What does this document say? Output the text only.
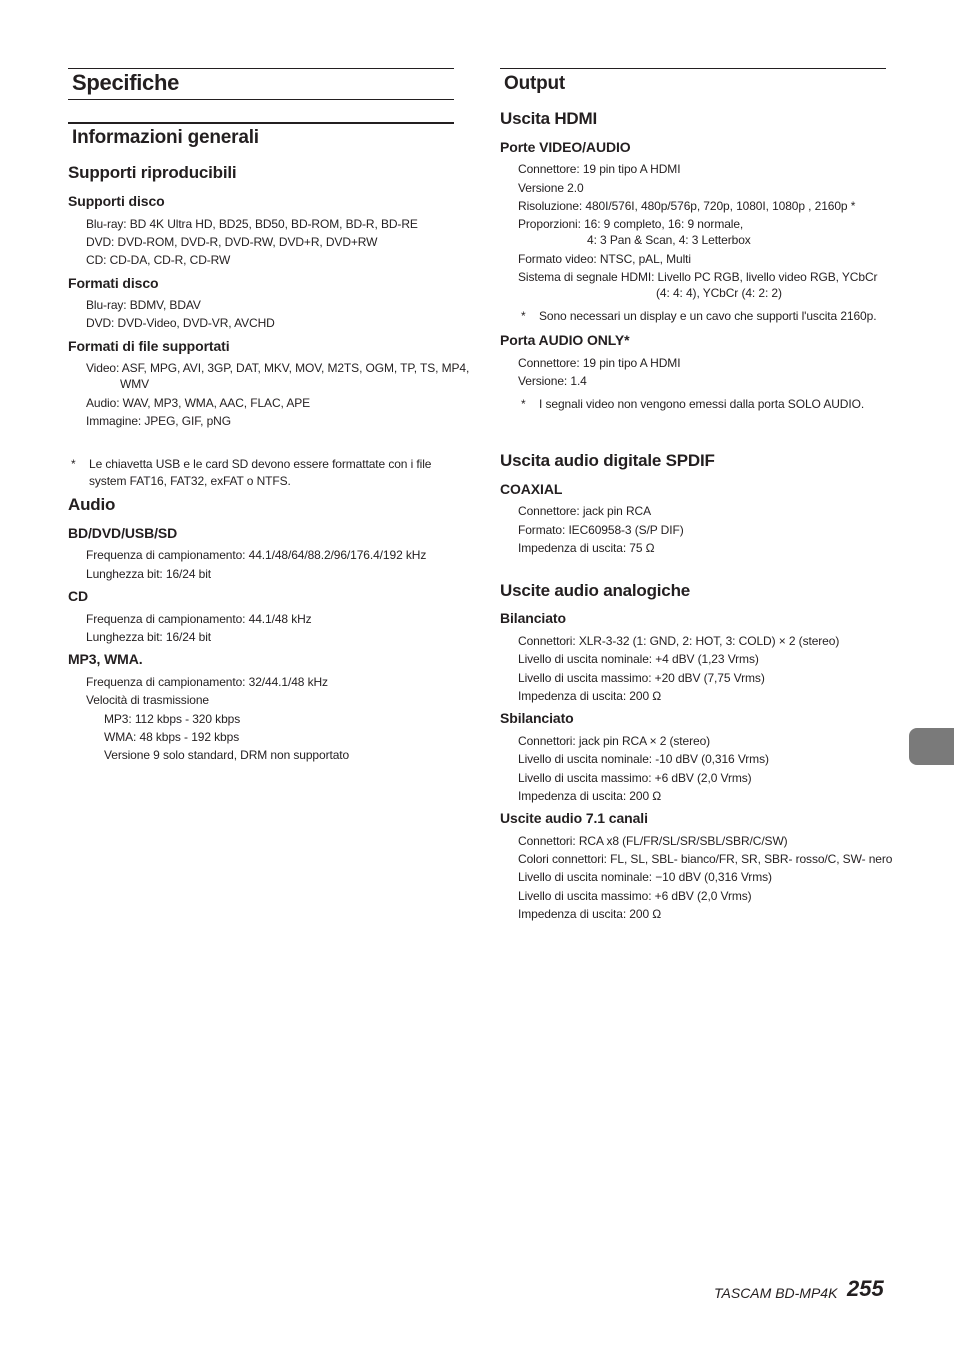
Specifiche
Informazioni generali
Supporti riproducibili
Supporti disco
Blu-ray: BD 4K Ultra HD, BD25, BD50, BD-ROM, BD-R, BD-RE
DVD: DVD-ROM, DVD-R, DVD-RW, DVD+R, DVD+RW
CD: CD-DA, CD-R, CD-RW
Formati disco
Blu-ray: BDMV, BDAV
DVD: DVD-Video, DVD-VR, AVCHD
Formati di file supportati
Video: ASF, MPG, AVI, 3GP, DAT, MKV, MOV, M2TS, OGM, TP, TS, MP4,
WMV
Audio: WAV, MP3, WMA, AAC, FLAC, APE
Immagine: JPEG, GIF, pNG
* Le chiavetta USB e le card SD devono essere formattate con i file
system FAT16, FAT32, exFAT o NTFS.
Audio
BD/DVD/USB/SD
Frequenza di campionamento: 44.1/48/64/88.2/96/176.4/192 kHz
Lunghezza bit: 16/24 bit
CD
Frequenza di campionamento: 44.1/48 kHz
Lunghezza bit: 16/24 bit
MP3, WMA.
Frequenza di campionamento: 32/44.1/48 kHz
Velocità di trasmissione
MP3: 112 kbps - 320 kbps
WMA: 48 kbps - 192 kbps
Versione 9 solo standard, DRM non supportato
Output
Uscita HDMI
Porte VIDEO/AUDIO
Connettore: 19 pin tipo A HDMI
Versione 2.0
Risoluzione: 480I/576I, 480p/576p, 720p, 1080I, 1080p , 2160p *
Proporzioni: 16: 9 completo, 16: 9 normale,
4: 3 Pan & Scan, 4: 3 Letterbox
Formato video: NTSC, pAL, Multi
Sistema di segnale HDMI: Livello PC RGB, livello video RGB, YCbCr
(4: 4: 4), YCbCr (4: 2: 2)
* Sono necessari un display e un cavo che supporti l'uscita 2160p.
Porta AUDIO ONLY*
Connettore: 19 pin tipo A HDMI
Versione: 1.4
* I segnali video non vengono emessi dalla porta SOLO AUDIO.
Uscita audio digitale SPDIF
COAXIAL
Connettore: jack pin RCA
Formato: IEC60958-3 (S/P DIF)
Impedenza di uscita: 75 Ω
Uscite audio analogiche
Bilanciato
Connettori: XLR-3-32 (1: GND, 2: HOT, 3: COLD) × 2 (stereo)
Livello di uscita nominale: +4 dBV (1,23 Vrms)
Livello di uscita massimo: +20 dBV (7,75 Vrms)
Impedenza di uscita: 200 Ω
Sbilanciato
Connettori: jack pin RCA × 2 (stereo)
Livello di uscita nominale: -10 dBV (0,316 Vrms)
Livello di uscita massimo: +6 dBV (2,0 Vrms)
Impedenza di uscita: 200 Ω
Uscite audio 7.1 canali
Connettori: RCA x8 (FL/FR/SL/SR/SBL/SBR/C/SW)
Colori connettori: FL, SL, SBL- bianco/FR, SR, SBR- rosso/C, SW- nero
Livello di uscita nominale: −10 dBV (0,316 Vrms)
Livello di uscita massimo: +6 dBV (2,0 Vrms)
Impedenza di uscita: 200 Ω
TASCAM BD-MP4K 255
